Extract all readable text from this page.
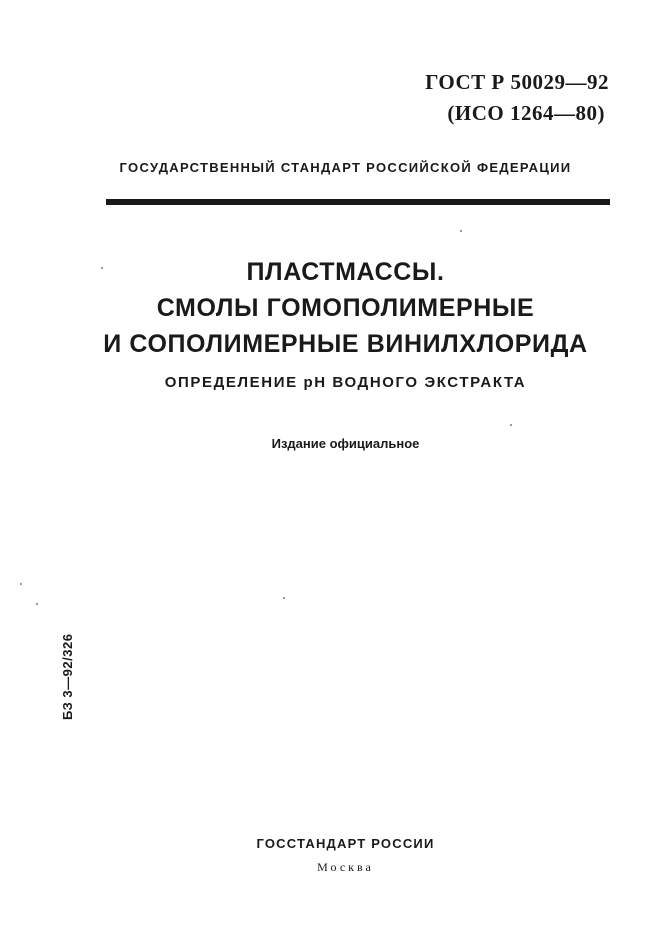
ГОСТ Р 50029—92
(ИСО 1264—80)
ГОСУДАРСТВЕННЫЙ СТАНДАРТ РОССИЙСКОЙ ФЕДЕРАЦИИ
ПЛАСТМАССЫ.
СМОЛЫ ГОМОПОЛИМЕРНЫЕ
И СОПОЛИМЕРНЫЕ ВИНИЛХЛОРИДА
ОПРЕДЕЛЕНИЕ рН ВОДНОГО ЭКСТРАКТА
Издание официальное
БЗ 3—92/326
ГОССТАНДАРТ РОССИИ
Москва
